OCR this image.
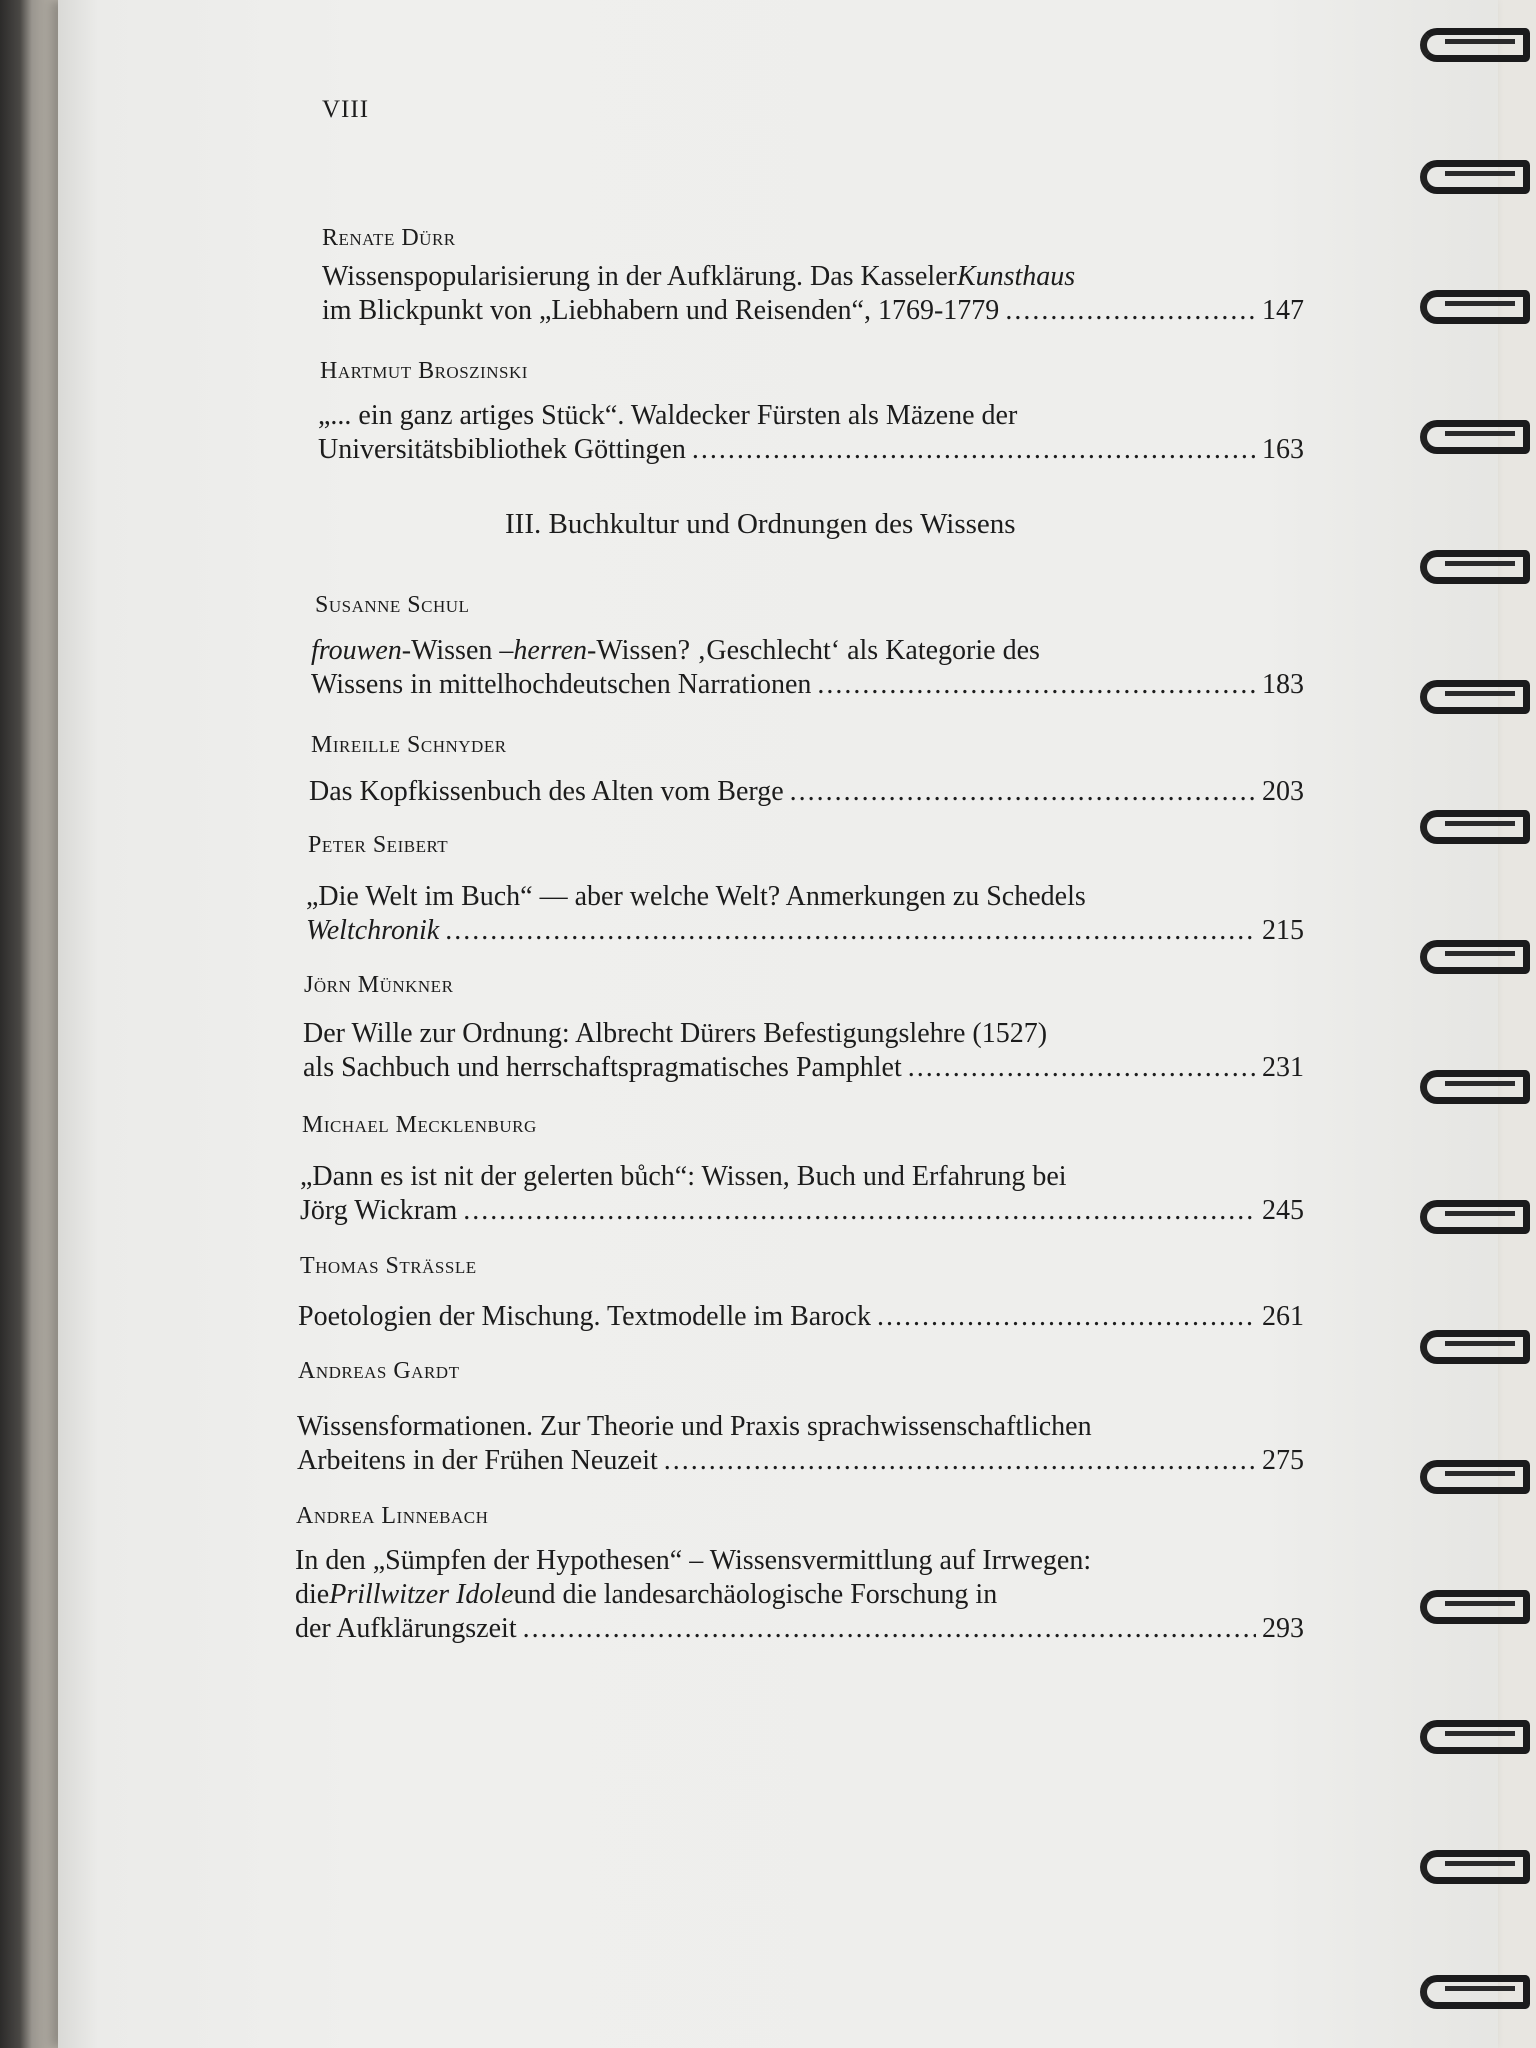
VIII
Renate Dürr
Wissenspopularisierung in der Aufklärung. Das Kasseler Kunsthaus
im Blickpunkt von „Liebhabern und Reisenden“, 1769-1779 .....	147
Hartmut Broszinski
„... ein ganz artiges Stück“. Waldecker Fürsten als Mäzene der
Universitätsbibliothek Göttingen .....	163
III. Buchkultur und Ordnungen des Wissens
Susanne Schul
frouwen -Wissen – herren -Wissen? ‚Geschlecht‘ als Kategorie des
Wissens in mittelhochdeutschen Narrationen .....	183
Mireille Schnyder
Das Kopfkissenbuch des Alten vom Berge .....	203
Peter Seibert
„Die Welt im Buch“ — aber welche Welt? Anmerkungen zu Schedels
Weltchronik .....	215
Jörn Münkner
Der Wille zur Ordnung: Albrecht Dürers Befestigungslehre (1527)
als Sachbuch und herrschaftspragmatisches Pamphlet .....	231
Michael Mecklenburg
„Dann es ist nit der gelerten bůch“: Wissen, Buch und Erfahrung bei
Jörg Wickram .....	245
Thomas Strässle
Poetologien der Mischung. Textmodelle im Barock .....	261
Andreas Gardt
Wissensformationen. Zur Theorie und Praxis sprachwissenschaftlichen
Arbeitens in der Frühen Neuzeit .....	275
Andrea Linnebach
In den „Sümpfen der Hypothesen“ – Wissensvermittlung auf Irrwegen:
die Prillwitzer Idole und die landesarchäologische Forschung in
der Aufklärungszeit .....	293
